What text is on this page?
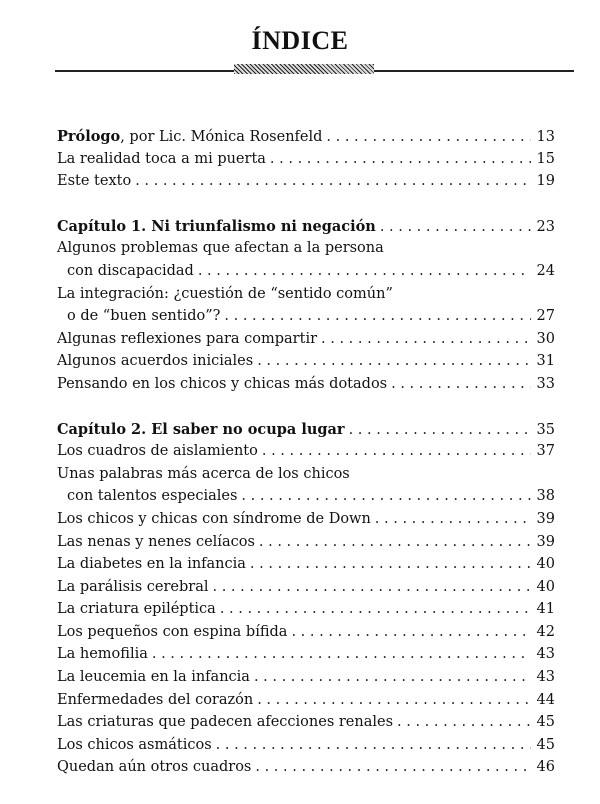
ÍNDICE
Prólogo, por Lic. Mónica Rosenfeld . . .	13
La realidad toca a mi puerta . . .	15
Este texto . . .	19
Capítulo 1. Ni triunfalismo ni negación . . .	23
Algunos problemas que afectan a la persona
con discapacidad . . .	24
La integración: ¿cuestión de “sentido común”
o de “buen sentido”? . . .	27
Algunas reflexiones para compartir . . .	30
Algunos acuerdos iniciales . . .	31
Pensando en los chicos y chicas más dotados . . .	33
Capítulo 2. El saber no ocupa lugar . . .	35
Los cuadros de aislamiento . . .	37
Unas palabras más acerca de los chicos
con talentos especiales . . .	38
Los chicos y chicas con síndrome de Down . . .	39
Las nenas y nenes celíacos . . .	39
La diabetes en la infancia . . .	40
La parálisis cerebral . . .	40
La criatura epiléptica . . .	41
Los pequeños con espina bífida . . .	42
La hemofilia . . .	43
La leucemia en la infancia . . .	43
Enfermedades del corazón . . .	44
Las criaturas que padecen afecciones renales . . .	45
Los chicos asmáticos . . .	45
Quedan aún otros cuadros . . .	46
